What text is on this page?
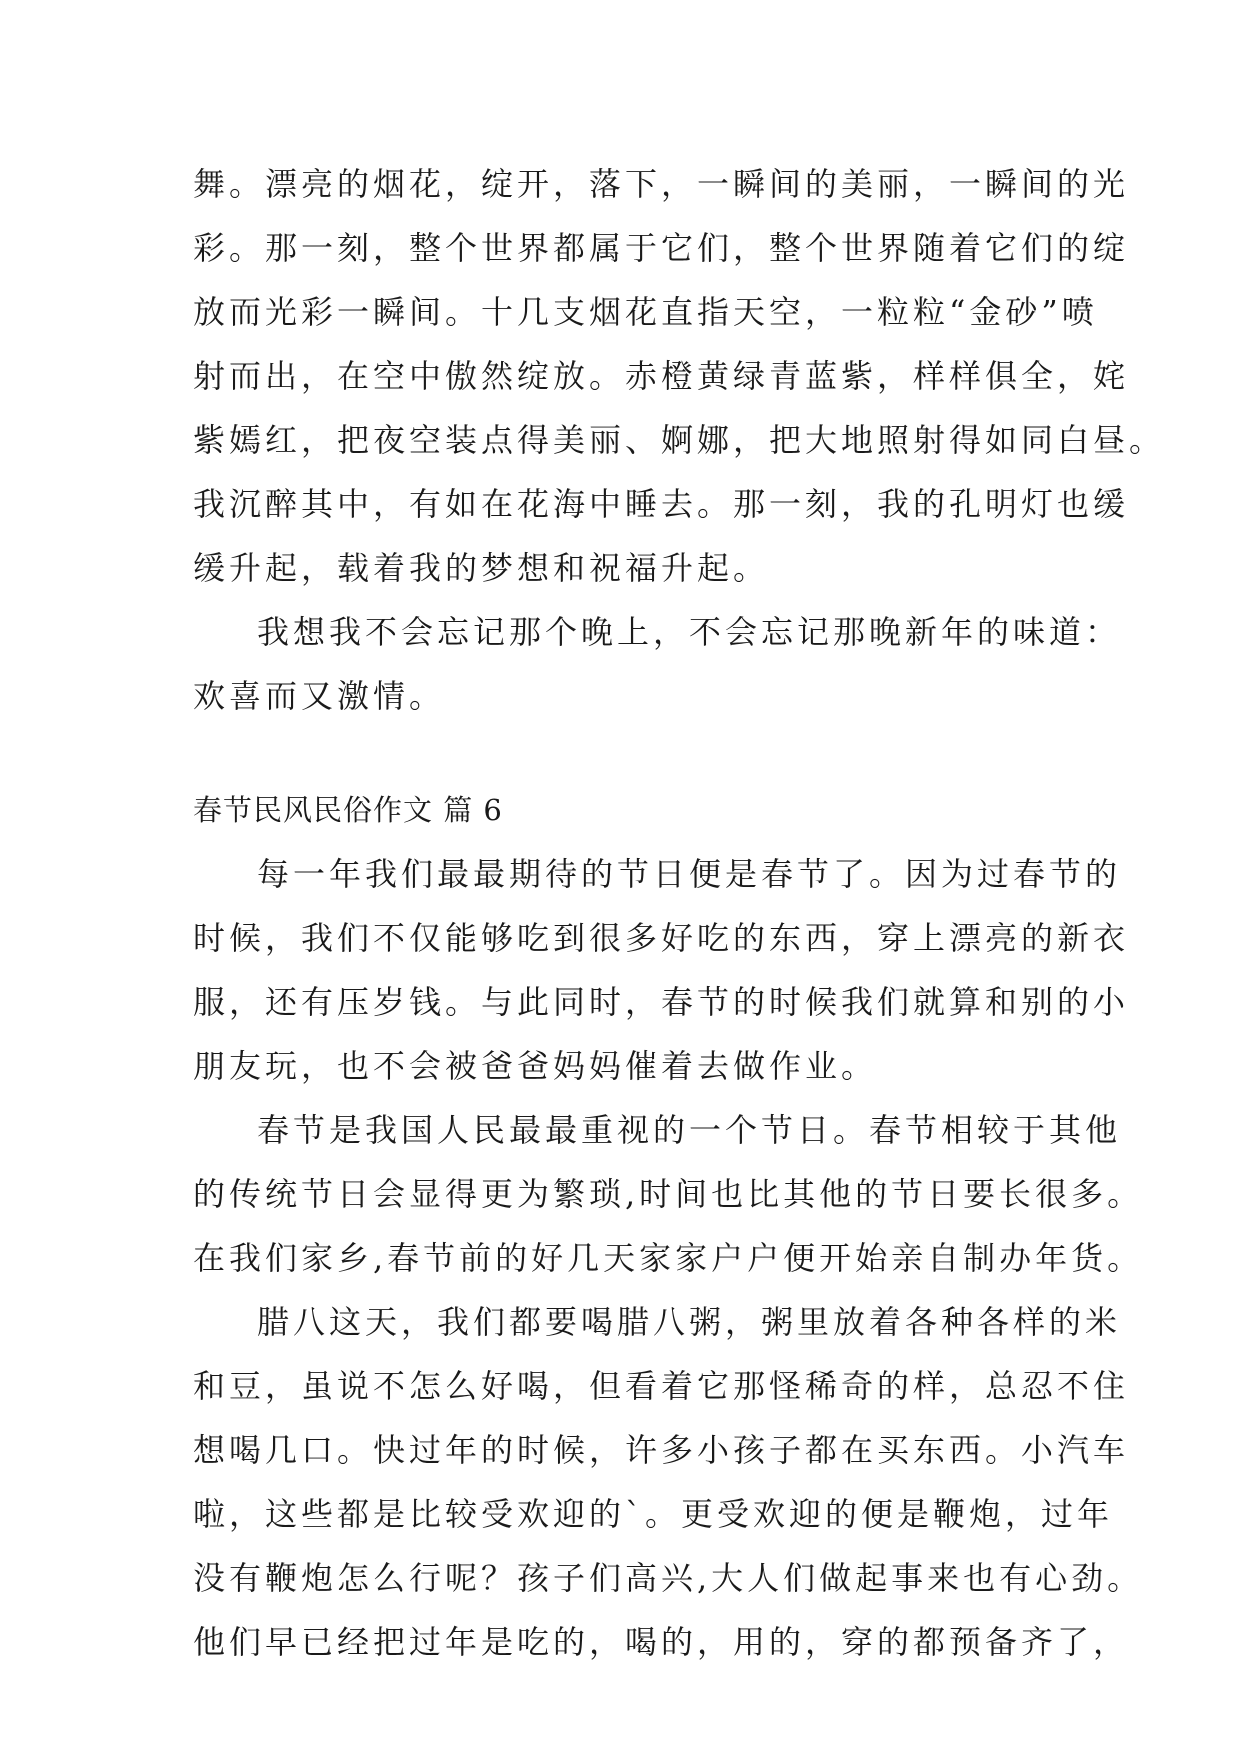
舞。漂亮的烟花，绽开，落下，一瞬间的美丽，一瞬间的光
彩。那一刻，整个世界都属于它们，整个世界随着它们的绽
放而光彩一瞬间。十几支烟花直指天空，一粒粒“金砂”喷
射而出，在空中傲然绽放。赤橙黄绿青蓝紫，样样俱全，姹
紫嫣红，把夜空装点得美丽、婀娜，把大地照射得如同白昼。
我沉醉其中，有如在花海中睡去。那一刻，我的孔明灯也缓
缓升起，载着我的梦想和祝福升起。
我想我不会忘记那个晚上，不会忘记那晚新年的味道：
欢喜而又激情。
春节民风民俗作文 篇 6
每一年我们最最期待的节日便是春节了。因为过春节的
时候，我们不仅能够吃到很多好吃的东西，穿上漂亮的新衣
服，还有压岁钱。与此同时，春节的时候我们就算和别的小
朋友玩，也不会被爸爸妈妈催着去做作业。
春节是我国人民最最重视的一个节日。春节相较于其他
的传统节日会显得更为繁琐,时间也比其他的节日要长很多。
在我们家乡,春节前的好几天家家户户便开始亲自制办年货。
腊八这天，我们都要喝腊八粥，粥里放着各种各样的米
和豆，虽说不怎么好喝，但看着它那怪稀奇的样，总忍不住
想喝几口。快过年的时候，许多小孩子都在买东西。小汽车
啦，这些都是比较受欢迎的`。更受欢迎的便是鞭炮，过年
没有鞭炮怎么行呢？孩子们高兴,大人们做起事来也有心劲。
他们早已经把过年是吃的，喝的，用的，穿的都预备齐了，
